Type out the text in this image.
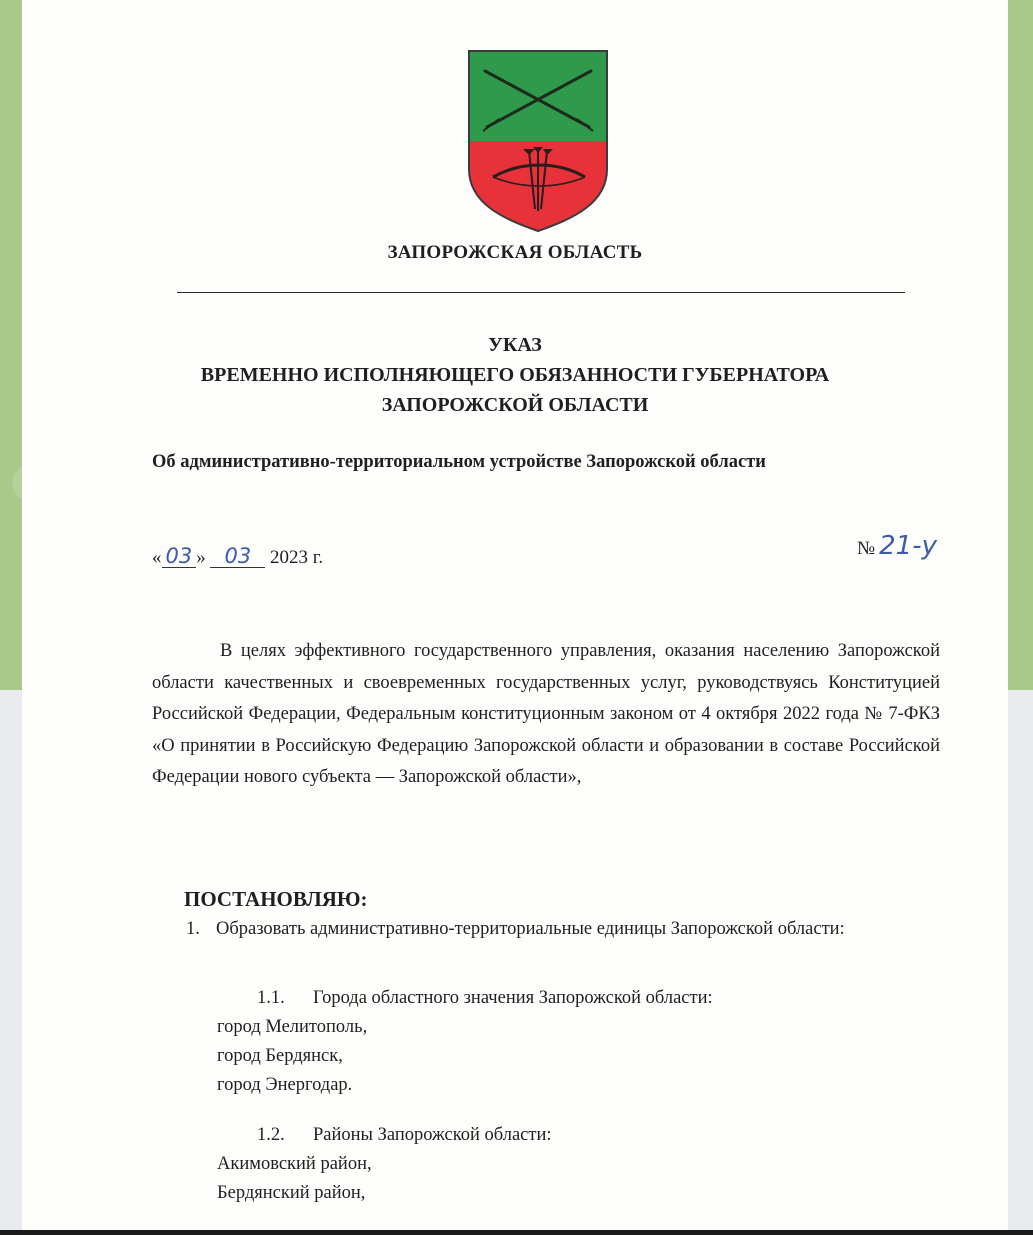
ЗАПОРОЖСКАЯ ОБЛАСТЬ
УКАЗ
ВРЕМЕННО ИСПОЛНЯЮЩЕГО ОБЯЗАННОСТИ ГУБЕРНАТОРА
ЗАПОРОЖСКОЙ ОБЛАСТИ
Об административно-территориальном устройстве Запорожской области
« 03 » 03 2023 г.	№ 21-у
В целях эффективного государственного управления, оказания населению Запорожской области качественных и своевременных государственных услуг, руководствуясь Конституцией Российской Федерации, Федеральным конституционным законом от 4 октября 2022 года № 7-ФКЗ «О принятии в Российскую Федерацию Запорожской области и образовании в составе Российской Федерации нового субъекта — Запорожской области»,
ПОСТАНОВЛЯЮ:
1. Образовать административно-территориальные единицы Запорожской области:
1.1. Города областного значения Запорожской области:
город Мелитополь,
город Бердянск,
город Энергодар.
1.2. Районы Запорожской области:
Акимовский район,
Бердянский район,
